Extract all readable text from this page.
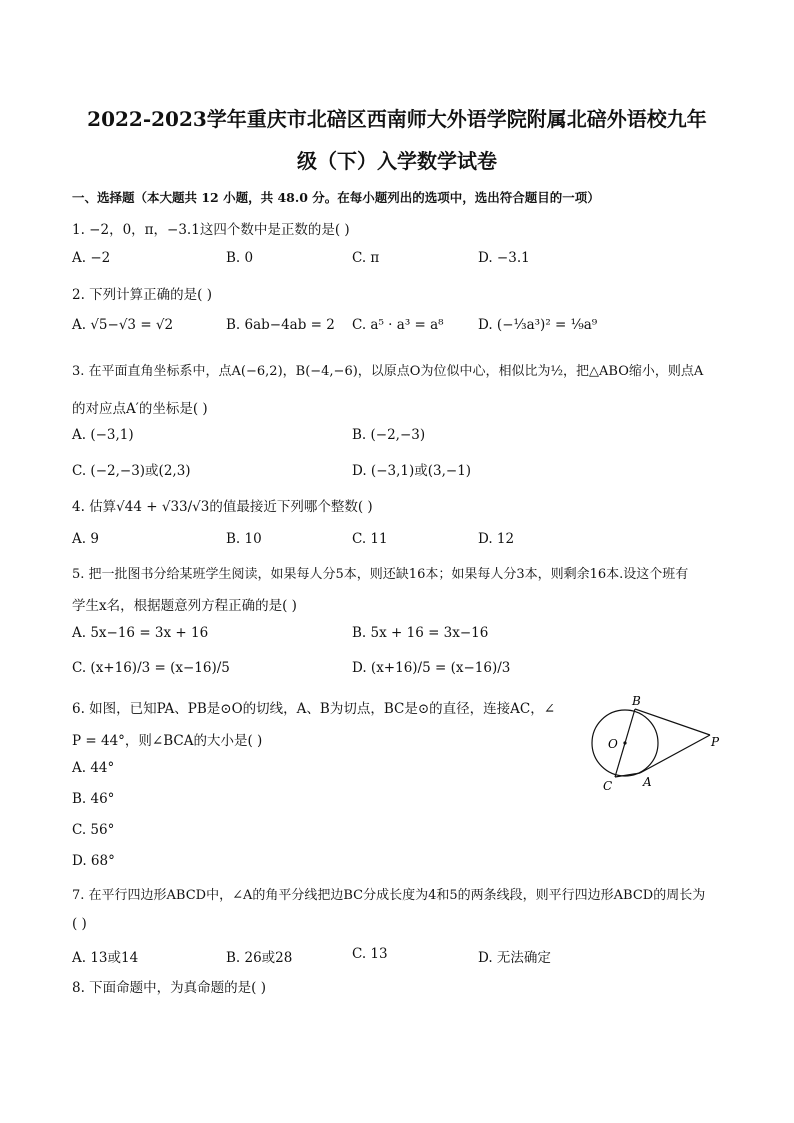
2022-2023学年重庆市北碚区西南师大外语学院附属北碚外语校九年
级（下）入学数学试卷
一、选择题（本大题共 12 小题，共 48.0 分。在每小题列出的选项中，选出符合题目的一项）
1. −2，0，π，−3.1这四个数中是正数的是( )
A. −2	B. 0	C. π	D. −3.1
2. 下列计算正确的是( )
A. √5−√3 = √2	B. 6ab−4ab = 2 C. a⁵ · a³ = a⁸	D. (−⅓a³)² = ⅑a⁹
3. 在平面直角坐标系中，点A(−6,2)，B(−4,−6)，以原点O为位似中心，相似比为½，把△ABO缩小，则点A
的对应点A′的坐标是( )
A. (−3,1)	B. (−2,−3)
C. (−2,−3)或(2,3)	D. (−3,1)或(3,−1)
4. 估算√44 + √33/√3的值最接近下列哪个整数( )
A. 9	B. 10	C. 11	D. 12
5. 把一批图书分给某班学生阅读，如果每人分5本，则还缺16本；如果每人分3本，则剩余16本.设这个班有
学生x名，根据题意列方程正确的是( )
A. 5x−16 = 3x + 16	B. 5x + 16 = 3x−16
C. (x+16)/3 = (x−16)/5	D. (x+16)/5 = (x−16)/3
6. 如图，已知PA、PB是⊙O的切线，A、B为切点，BC是⊙的直径，连接AC，∠
P = 44°，则∠BCA的大小是( )
A. 44°
B. 46°
C. 56°
D. 68°
B
O	P
C	A
7. 在平行四边形ABCD中，∠A的角平分线把边BC分成长度为4和5的两条线段，则平行四边形ABCD的周长为
( )
A. 13或14	B. 26或28	C. 13	D. 无法确定
8. 下面命题中，为真命题的是( )
